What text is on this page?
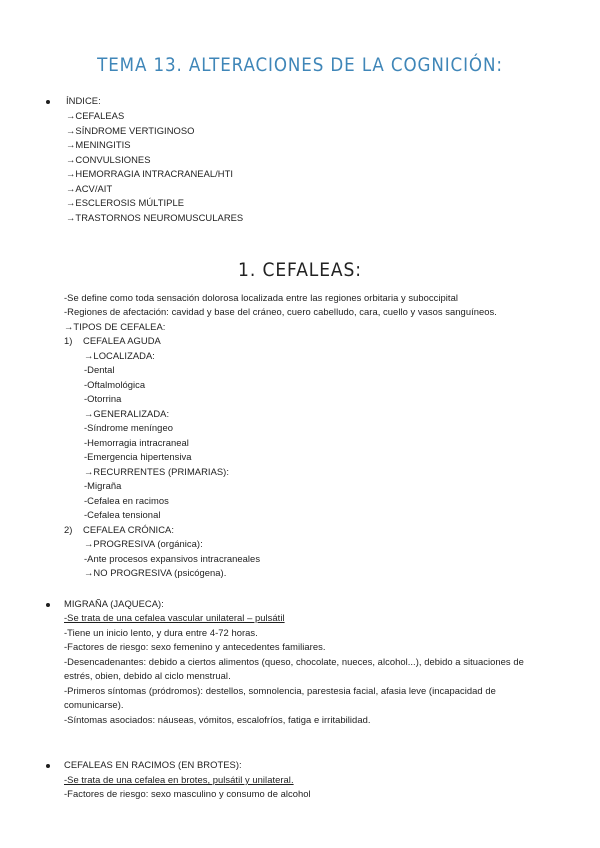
TEMA 13. ALTERACIONES DE LA COGNICIÓN:
ÍNDICE:
→CEFALEAS
→SÍNDROME VERTIGINOSO
→MENINGITIS
→CONVULSIONES
→HEMORRAGIA INTRACRANEAL/HTI
→ACV/AIT
→ESCLEROSIS MÚLTIPLE
→TRASTORNOS NEUROMUSCULARES
1. CEFALEAS:
-Se define como toda sensación dolorosa localizada entre las regiones orbitaria y suboccipital
-Regiones de afectación: cavidad y base del cráneo, cuero cabelludo, cara, cuello y vasos sanguíneos.
→TIPOS DE CEFALEA:
1)    CEFALEA AGUDA
→LOCALIZADA:
-Dental
-Oftalmológica
-Otorrina
→GENERALIZADA:
-Síndrome meníngeo
-Hemorragia intracraneal
-Emergencia hipertensiva
→RECURRENTES (PRIMARIAS):
-Migraña
-Cefalea en racimos
-Cefalea tensional
2)    CEFALEA CRÓNICA:
→PROGRESIVA (orgánica):
-Ante procesos expansivos intracraneales
→NO PROGRESIVA (psicógena).
MIGRAÑA (JAQUECA):
-Se trata de una cefalea vascular unilateral – pulsátil
-Tiene un inicio lento, y dura entre 4-72 horas.
-Factores de riesgo: sexo femenino y antecedentes familiares.
-Desencadenantes: debido a ciertos alimentos (queso, chocolate, nueces, alcohol...), debido a situaciones de
estrés, obien, debido al ciclo menstrual.
-Primeros síntomas (pródromos): destellos, somnolencia, parestesia facial, afasia leve (incapacidad de
comunicarse).
-Síntomas asociados: náuseas, vómitos, escalofríos, fatiga e irritabilidad.
CEFALEAS EN RACIMOS (EN BROTES):
-Se trata de una cefalea en brotes, pulsátil y unilateral.
-Factores de riesgo: sexo masculino y consumo de alcohol
